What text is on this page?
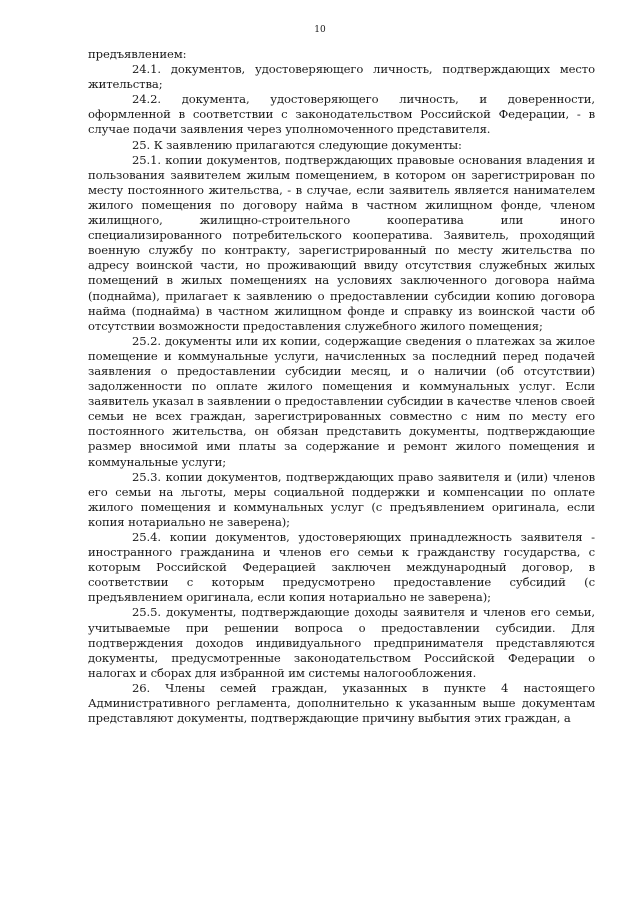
10

предъявлением:

24.1. документов, удостоверяющего личность, подтверждающих место жительства;

24.2. документа, удостоверяющего личность, и доверенности, оформленной в соответствии с законодательством Российской Федерации, - в случае подачи заявления через уполномоченного представителя.

25. К заявлению прилагаются следующие документы:

25.1. копии документов, подтверждающих правовые основания владения и пользования заявителем жилым помещением, в котором он зарегистрирован по месту постоянного жительства, - в случае, если заявитель является нанимателем жилого помещения по договору найма в частном жилищном фонде, членом жилищного, жилищно-строительного кооператива или иного специализированного потребительского кооператива. Заявитель, проходящий военную службу по контракту, зарегистрированный по месту жительства по адресу воинской части, но проживающий ввиду отсутствия служебных жилых помещений в жилых помещениях на условиях заключенного договора найма (поднайма), прилагает к заявлению о предоставлении субсидии копию договора найма (поднайма) в частном жилищном фонде и справку из воинской части об отсутствии возможности предоставления служебного жилого помещения;

25.2. документы или их копии, содержащие сведения о платежах за жилое помещение и коммунальные услуги, начисленных за последний перед подачей заявления о предоставлении субсидии месяц, и о наличии (об отсутствии) задолженности по оплате жилого помещения и коммунальных услуг. Если заявитель указал в заявлении о предоставлении субсидии в качестве членов своей семьи не всех граждан, зарегистрированных совместно с ним по месту его постоянного жительства, он обязан представить документы, подтверждающие размер вносимой ими платы за содержание и ремонт жилого помещения и коммунальные услуги;

25.3. копии документов, подтверждающих право заявителя и (или) членов его семьи на льготы, меры социальной поддержки и компенсации по оплате жилого помещения и коммунальных услуг (с предъявлением оригинала, если копия нотариально не заверена);

25.4. копии документов, удостоверяющих принадлежность заявителя - иностранного гражданина и членов его семьи к гражданству государства, с которым Российской Федерацией заключен международный договор, в соответствии с которым предусмотрено предоставление субсидий (с предъявлением оригинала, если копия нотариально не заверена);

25.5. документы, подтверждающие доходы заявителя и членов его семьи, учитываемые при решении вопроса о предоставлении субсидии. Для подтверждения доходов индивидуального предпринимателя представляются документы, предусмотренные законодательством Российской Федерации о налогах и сборах для избранной им системы налогообложения.

26. Члены семей граждан, указанных в пункте 4 настоящего Административного регламента, дополнительно к указанным выше документам представляют документы, подтверждающие причину выбытия этих граждан, а
